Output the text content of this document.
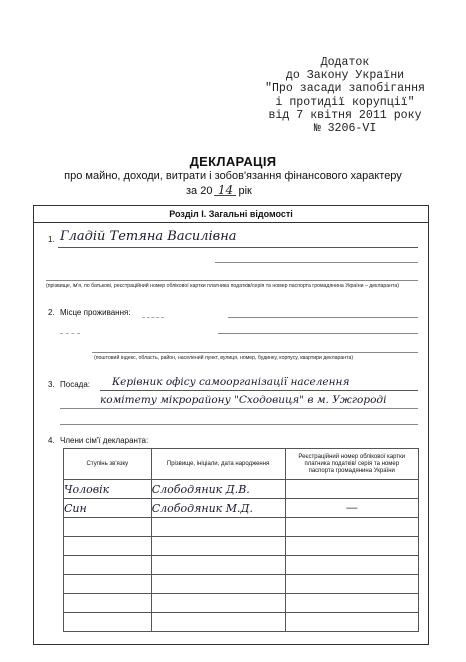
Додаток
до Закону України
"Про засади запобігання
і протидії корупції"
від 7 квітня 2011 року
№ 3206-VI
ДЕКЛАРАЦІЯ
про майно, доходи, витрати і зобов'язання фінансового характеру
за 20 14 рік
Розділ І. Загальні відомості
1. Гладій Тетяна Василівна
(прізвище, ім'я, по батькові, реєстраційний номер облікової картки платника податків/серія та номер паспорта громадянина України – декларанта)
2. Місце проживання:
(поштовий індекс, область, район, населений пункт, вулиця, номер, будинку, корпусу, квартири декларанта)
3. Посада: Керівник офісу самоорганізації населення
комітету мікрорайону "Сходовиця" в м. Ужгороді
4. Члени сім'ї декларанта:
Ступінь зв'язку	Прізвище, ініціали, дата народження	Реєстраційний номер облікової картки платника податків/ серія та номер паспорта громадянина України
Чоловік	Слободяник Д.В.	
Син	Слободяник М.Д.	—
